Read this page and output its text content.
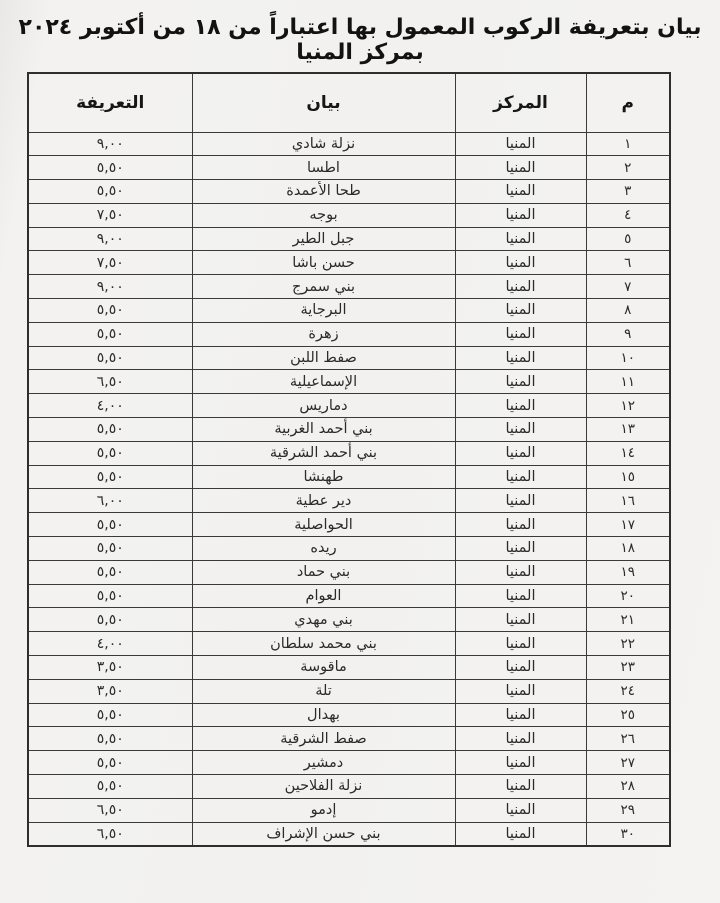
بيان بتعريفة الركوب المعمول بها اعتباراً من ١٨ من أكتوبر ٢٠٢٤ بمركز المنيا
م	المركز	بيان	التعريفة
١	المنيا	نزلة شادي	٩,٠٠
٢	المنيا	اطسا	٥,٥٠
٣	المنيا	طحا الأعمدة	٥,٥٠
٤	المنيا	بوجه	٧,٥٠
٥	المنيا	جبل الطير	٩,٠٠
٦	المنيا	حسن باشا	٧,٥٠
٧	المنيا	بني سمرج	٩,٠٠
٨	المنيا	البرجاية	٥,٥٠
٩	المنيا	زهرة	٥,٥٠
١٠	المنيا	صفط اللبن	٥,٥٠
١١	المنيا	الإسماعيلية	٦,٥٠
١٢	المنيا	دماريس	٤,٠٠
١٣	المنيا	بني أحمد الغربية	٥,٥٠
١٤	المنيا	بني أحمد الشرقية	٥,٥٠
١٥	المنيا	طهنشا	٥,٥٠
١٦	المنيا	دير عطية	٦,٠٠
١٧	المنيا	الحواصلية	٥,٥٠
١٨	المنيا	ريده	٥,٥٠
١٩	المنيا	بني حماد	٥,٥٠
٢٠	المنيا	العوام	٥,٥٠
٢١	المنيا	بني مهدي	٥,٥٠
٢٢	المنيا	بني محمد سلطان	٤,٠٠
٢٣	المنيا	ماقوسة	٣,٥٠
٢٤	المنيا	تلة	٣,٥٠
٢٥	المنيا	بهدال	٥,٥٠
٢٦	المنيا	صفط الشرقية	٥,٥٠
٢٧	المنيا	دمشير	٥,٥٠
٢٨	المنيا	نزلة الفلاحين	٥,٥٠
٢٩	المنيا	إدمو	٦,٥٠
٣٠	المنيا	بني حسن الإشراف	٦,٥٠
